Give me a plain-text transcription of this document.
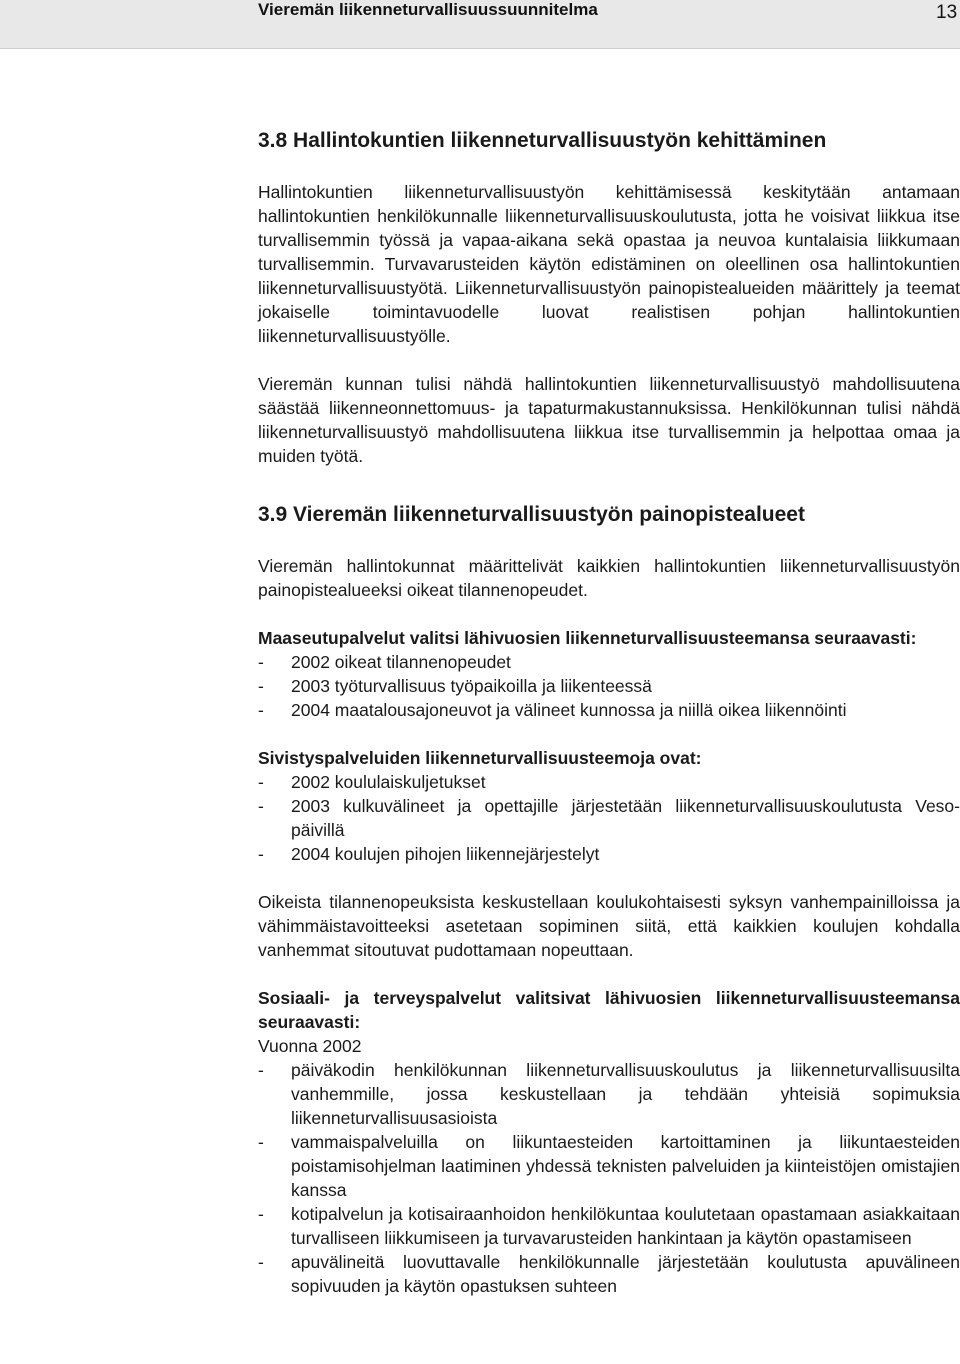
Vieremän liikenneturvallisuussuunnitelma	13
3.8 Hallintokuntien liikenneturvallisuustyön kehittäminen

Hallintokuntien liikenneturvallisuustyön kehittämisessä keskitytään antamaan hallintokuntien henkilökunnalle liikenneturvallisuuskoulutusta, jotta he voisivat liikkua itse turvallisemmin työssä ja vapaa-aikana sekä opastaa ja neuvoa kuntalaisia liikkumaan turvallisemmin. Turvavarusteiden käytön edistäminen on oleellinen osa hallintokuntien liikenneturvallisuustyötä. Liikenneturvallisuustyön painopistealueiden määrittely ja teemat jokaiselle toimintavuodelle luovat realistisen pohjan hallintokuntien liikenneturvallisuustyölle.

Vieremän kunnan tulisi nähdä hallintokuntien liikenneturvallisuustyö mahdollisuutena säästää liikenneonnettomuus- ja tapaturmakustannuksissa. Henkilökunnan tulisi nähdä liikenneturvallisuustyö mahdollisuutena liikkua itse turvallisemmin ja helpottaa omaa ja muiden työtä.

3.9 Vieremän liikenneturvallisuustyön painopistealueet

Vieremän hallintokunnat määrittelivät kaikkien hallintokuntien liikenneturvallisuustyön painopistealueeksi oikeat tilannenopeudet.

Maaseutupalvelut valitsi lähivuosien liikenneturvallisuusteemansa seuraavasti:

- 2002 oikeat tilannenopeudet
- 2003 työturvallisuus työpaikoilla ja liikenteessä
- 2004 maatalousajoneuvot ja välineet kunnossa ja niillä oikea liikennöinti

Sivistyspalveluiden liikenneturvallisuusteemoja ovat:

- 2002 koululaiskuljetukset
- 2003 kulkuvälineet ja opettajille järjestetään liikenneturvallisuuskoulutusta Veso- päivillä
- 2004 koulujen pihojen liikennejärjestelyt

Oikeista tilannenopeuksista keskustellaan koulukohtaisesti syksyn vanhempainilloissa ja vähimmäistavoitteeksi asetetaan sopiminen siitä, että kaikkien koulujen kohdalla vanhemmat sitoutuvat pudottamaan nopeuttaan.

Sosiaali- ja terveyspalvelut valitsivat lähivuosien liikenneturvallisuusteemansa seuraavasti:

Vuonna 2002

- päiväkodin henkilökunnan liikenneturvallisuuskoulutus ja liikenneturvallisuusilta vanhemmille, jossa keskustellaan ja tehdään yhteisiä sopimuksia liikenneturvallisuusasioista
- vammaispalveluilla on liikuntaesteiden kartoittaminen ja liikuntaesteiden poistamisohjelman laatiminen yhdessä teknisten palveluiden ja kiinteistöjen omistajien kanssa
- kotipalvelun ja kotisairaanhoidon henkilökuntaa koulutetaan opastamaan asiakkaitaan turvalliseen liikkumiseen ja turvavarusteiden hankintaan ja käytön opastamiseen
- apuvälineitä luovuttavalle henkilökunnalle järjestetään koulutusta apuvälineen sopivuuden ja käytön opastuksen suhteen
